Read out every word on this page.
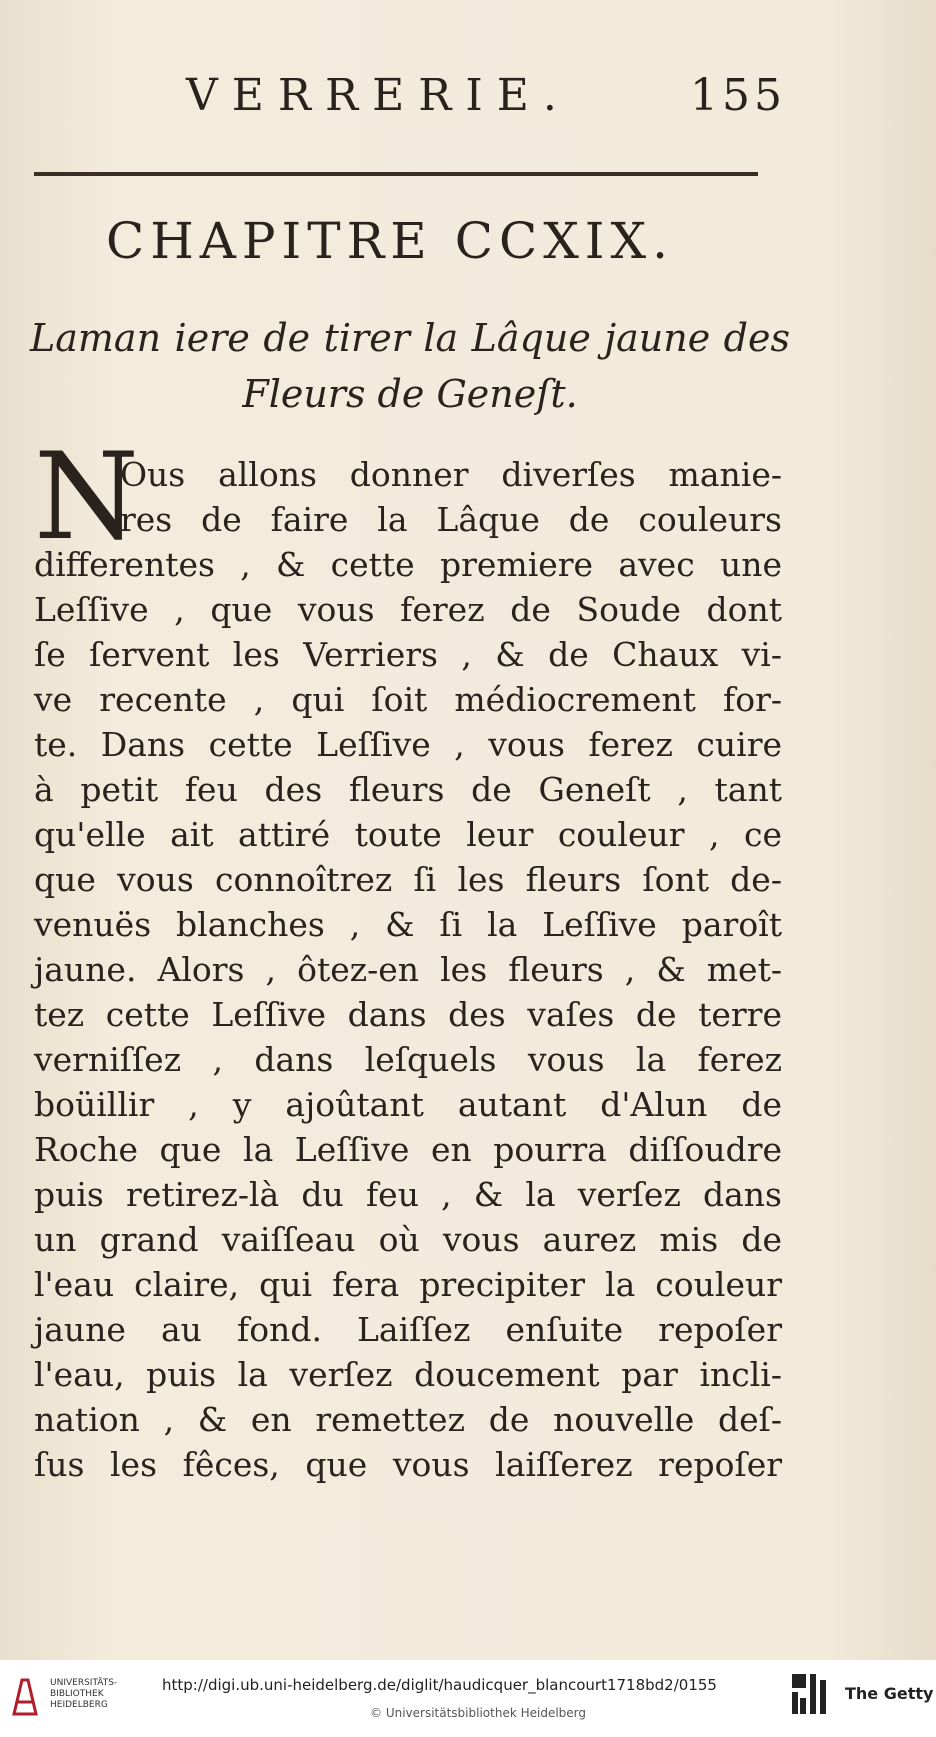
VERRERIE.	155
CHAPITRE CCXIX.
Laman iere de tirer la Lâque jaune des
Fleurs de Geneſt.
N
Ous allons donner diverſes manie-
res de faire la Lâque de couleurs
differentes , & cette premiere avec une
Leſſive , que vous ferez de Soude dont
ſe ſervent les Verriers , & de Chaux vi-
ve recente , qui ſoit médiocrement for-
te. Dans cette Leſſive , vous ferez cuire
à petit feu des fleurs de Geneſt , tant
qu'elle ait attiré toute leur couleur , ce
que vous connoîtrez ſi les fleurs ſont de-
venuës blanches , & ſi la Leſſive paroît
jaune. Alors , ôtez-en les fleurs , & met-
tez cette Leſſive dans des vaſes de terre
verniſſez , dans leſquels vous la ferez
boüillir , y ajoûtant autant d'Alun de
Roche que la Leſſive en pourra diſſoudre
puis retirez-là du feu , & la verſez dans
un grand vaiſſeau où vous aurez mis de
l'eau claire, qui fera precipiter la couleur
jaune au fond. Laiſſez enſuite repoſer
l'eau, puis la verſez doucement par incli-
nation , & en remettez de nouvelle deſ-
ſus les fêces, que vous laiſſerez repoſer
UNIVERSITÄTS-
BIBLIOTHEK
HEIDELBERG
http://digi.ub.uni-heidelberg.de/diglit/haudicquer_blancourt1718bd2/0155
© Universitätsbibliothek Heidelberg
The Getty
